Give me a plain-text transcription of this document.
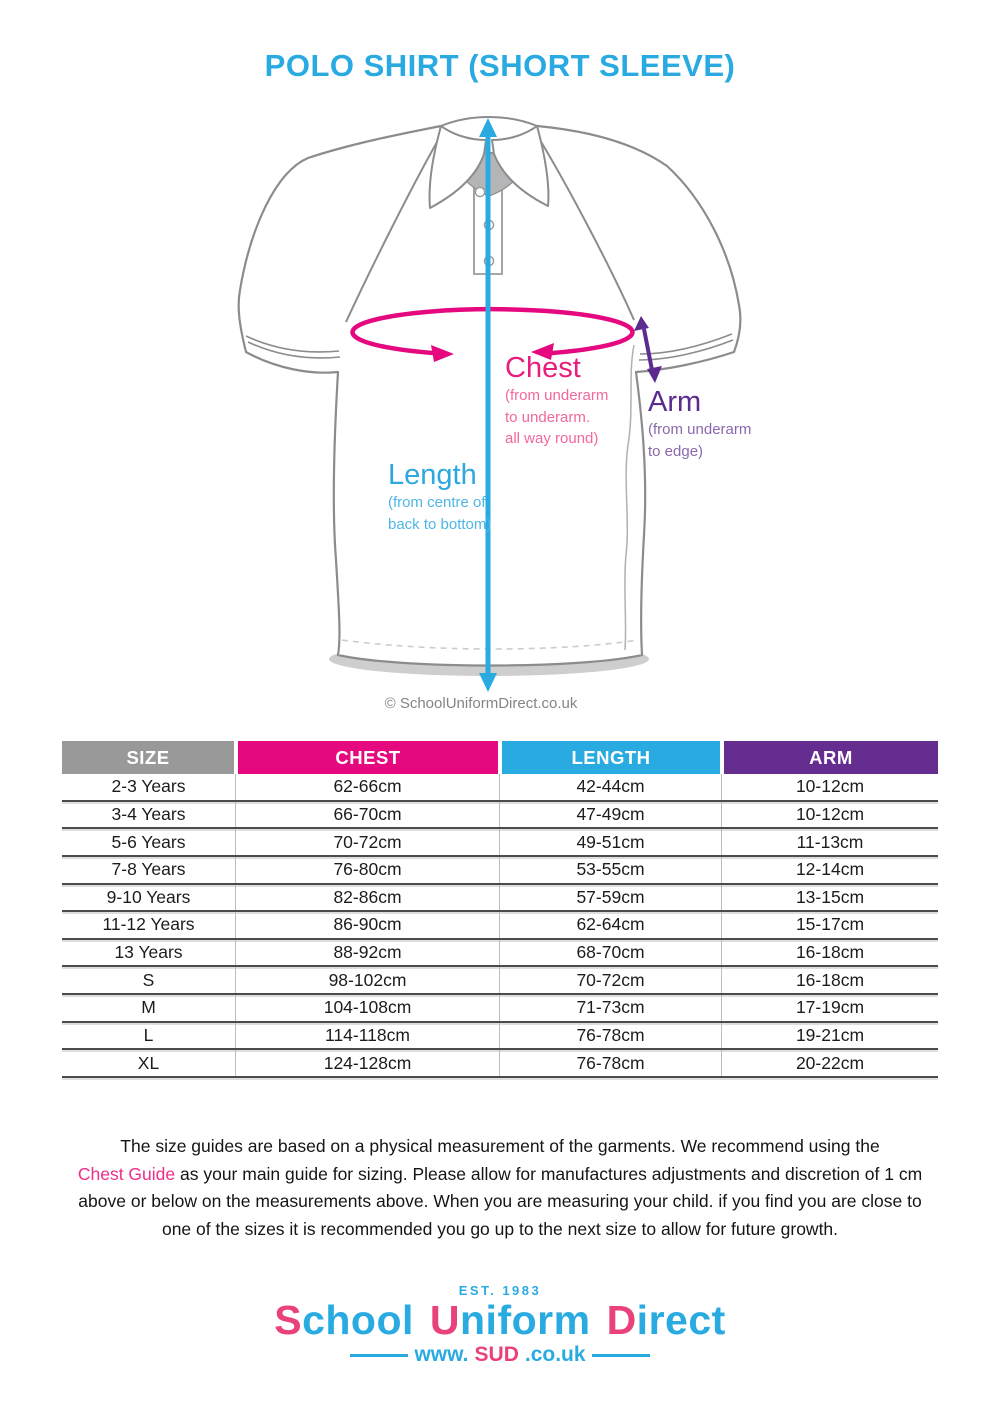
POLO SHIRT (SHORT SLEEVE)
Chest
(from underarm
to underarm.
all way round)
Arm
(from underarm
to edge)
Length
(from centre of
back to bottom)
© SchoolUniformDirect.co.uk
SIZE	CHEST	LENGTH	ARM
2-3 Years	62-66cm	42-44cm	10-12cm
3-4 Years	66-70cm	47-49cm	10-12cm
5-6 Years	70-72cm	49-51cm	11-13cm
7-8 Years	76-80cm	53-55cm	12-14cm
9-10 Years	82-86cm	57-59cm	13-15cm
11-12 Years	86-90cm	62-64cm	15-17cm
13 Years	88-92cm	68-70cm	16-18cm
S	98-102cm	70-72cm	16-18cm
M	104-108cm	71-73cm	17-19cm
L	114-118cm	76-78cm	19-21cm
XL	124-128cm	76-78cm	20-22cm
The size guides are based on a physical measurement of the garments. We recommend using the
Chest Guide as your main guide for sizing. Please allow for manufactures adjustments and discretion of 1 cm
above or below on the measurements above. When you are measuring your child. if you find you are close to
one of the sizes it is recommended you go up to the next size to allow for future growth.
EST. 1983
School Uniform Direct
www. SUD .co.uk
